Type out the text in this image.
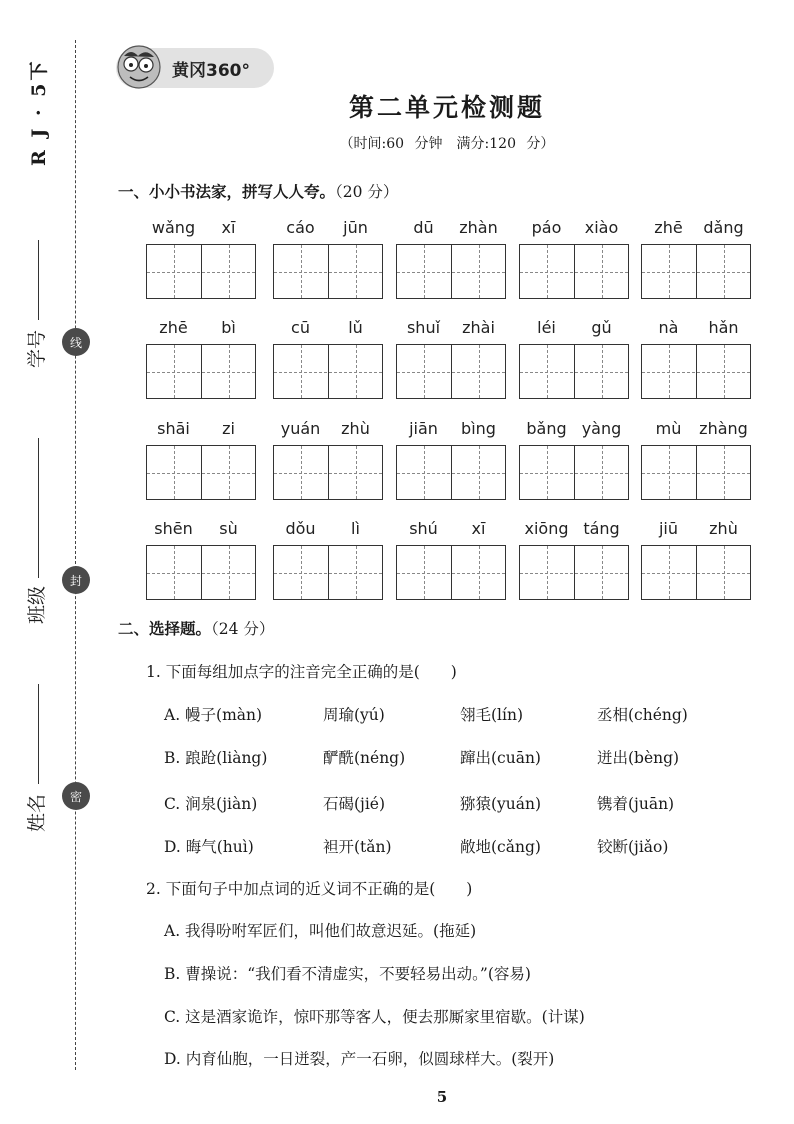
R J · 5下
学号
班级
姓名
线
封
密
黄冈360°
第二单元检测题
（时间:60 分钟　满分:120 分）
一、小小书法家，拼写人人夸。（20 分）
wǎng	xī	cáo	jūn	dū	zhàn	páo	xiào	zhē	dǎng
zhē	bì	cū	lǔ	shuǐ	zhài	léi	gǔ	nà	hǎn
shāi	zi	yuán	zhù	jiān	bìng	bǎng yàng	mù	zhàng
shēn	sù	dǒu	lì	shú	xī	xiōng táng	jiū	zhù
二、选择题。（24 分）
1. 下面每组加点字的注音完全正确的是(　　)
A. 幔子(màn)	周瑜(yú)	翎毛(lín)	丞相(chéng)
B. 踉跄(liàng)	酽酰(néng)	蹿出(cuān)	迸出(bèng)
C. 涧泉(jiàn)	石碣(jié)	猕猿(yuán)	镌着(juān)
D. 晦气(huì)	袒开(tǎn)	敞地(cǎng)	铰断(jiǎo)
2. 下面句子中加点词的近义词不正确的是(　　)
A. 我得吩咐军匠们，叫他们故意迟延。(拖延)
B. 曹操说：“我们看不清虚实，不要轻易出动。”(容易)
C. 这是酒家诡诈，惊吓那等客人，便去那厮家里宿歇。(计谋)
D. 内育仙胞，一日迸裂，产一石卵，似圆球样大。(裂开)
5
